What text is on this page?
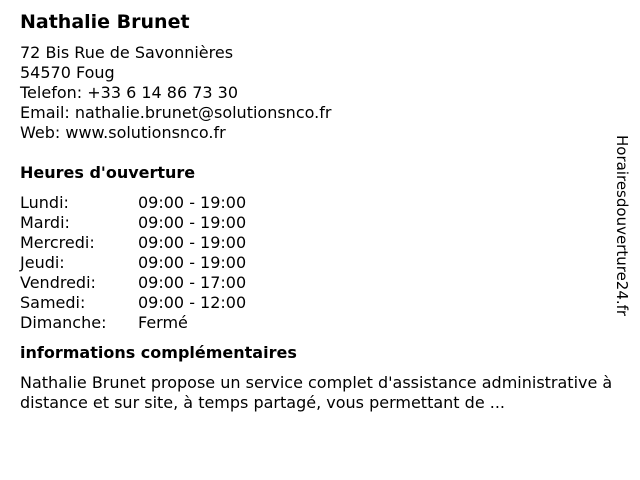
Nathalie Brunet
72 Bis Rue de Savonnières
54570 Foug
Telefon: +33 6 14 86 73 30
Email: nathalie.brunet@solutionsnco.fr
Web: www.solutionsnco.fr
Heures d'ouverture
Lundi:	09:00 - 19:00
Mardi:	09:00 - 19:00
Mercredi:	09:00 - 19:00
Jeudi:	09:00 - 19:00
Vendredi:	09:00 - 17:00
Samedi:	09:00 - 12:00
Dimanche:	Fermé
informations complémentaires
Nathalie Brunet propose un service complet d'assistance administrative à distance et sur site, à temps partagé, vous permettant de ...
Horairesdouverture24.fr
